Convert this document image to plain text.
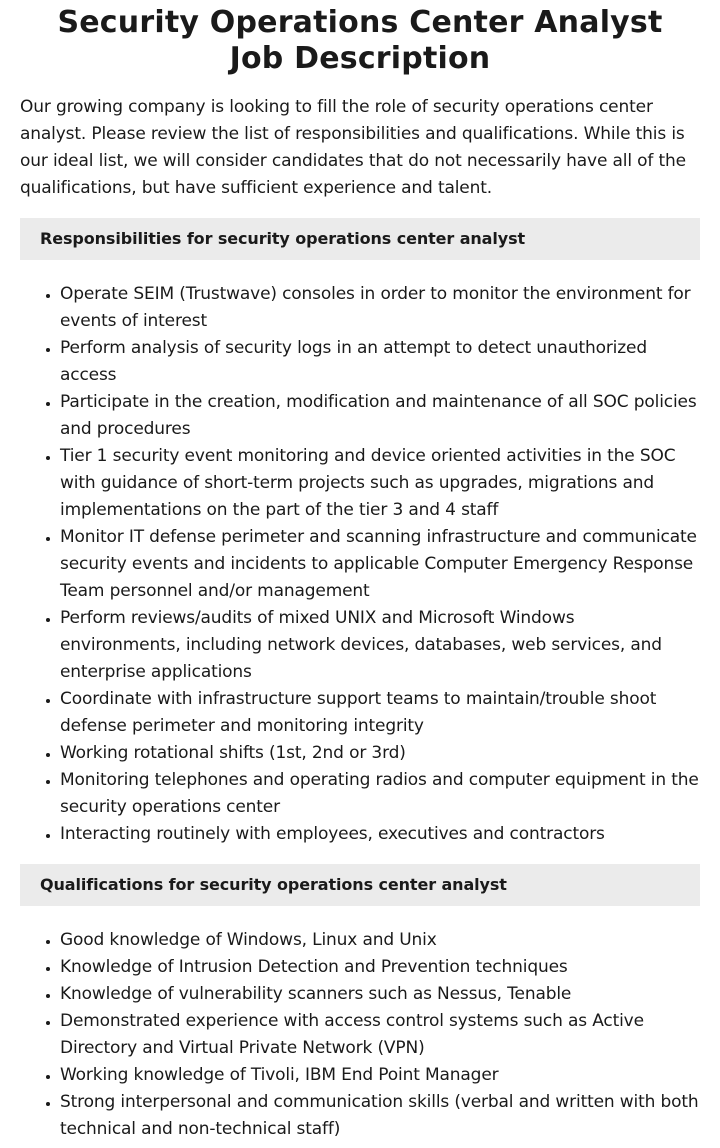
Security Operations Center Analyst Job Description

Our growing company is looking to fill the role of security operations center analyst. Please review the list of responsibilities and qualifications. While this is our ideal list, we will consider candidates that do not necessarily have all of the qualifications, but have sufficient experience and talent.

Responsibilities for security operations center analyst
• Operate SEIM (Trustwave) consoles in order to monitor the environment for events of interest
• Perform analysis of security logs in an attempt to detect unauthorized access
• Participate in the creation, modification and maintenance of all SOC policies and procedures
• Tier 1 security event monitoring and device oriented activities in the SOC with guidance of short-term projects such as upgrades, migrations and implementations on the part of the tier 3 and 4 staff
• Monitor IT defense perimeter and scanning infrastructure and communicate security events and incidents to applicable Computer Emergency Response Team personnel and/or management
• Perform reviews/audits of mixed UNIX and Microsoft Windows environments, including network devices, databases, web services, and enterprise applications
• Coordinate with infrastructure support teams to maintain/trouble shoot defense perimeter and monitoring integrity
• Working rotational shifts (1st, 2nd or 3rd)
• Monitoring telephones and operating radios and computer equipment in the security operations center
• Interacting routinely with employees, executives and contractors
Qualifications for security operations center analyst
• Good knowledge of Windows, Linux and Unix
• Knowledge of Intrusion Detection and Prevention techniques
• Knowledge of vulnerability scanners such as Nessus, Tenable
• Demonstrated experience with access control systems such as Active Directory and Virtual Private Network (VPN)
• Working knowledge of Tivoli, IBM End Point Manager
• Strong interpersonal and communication skills (verbal and written with both technical and non-technical staff)
